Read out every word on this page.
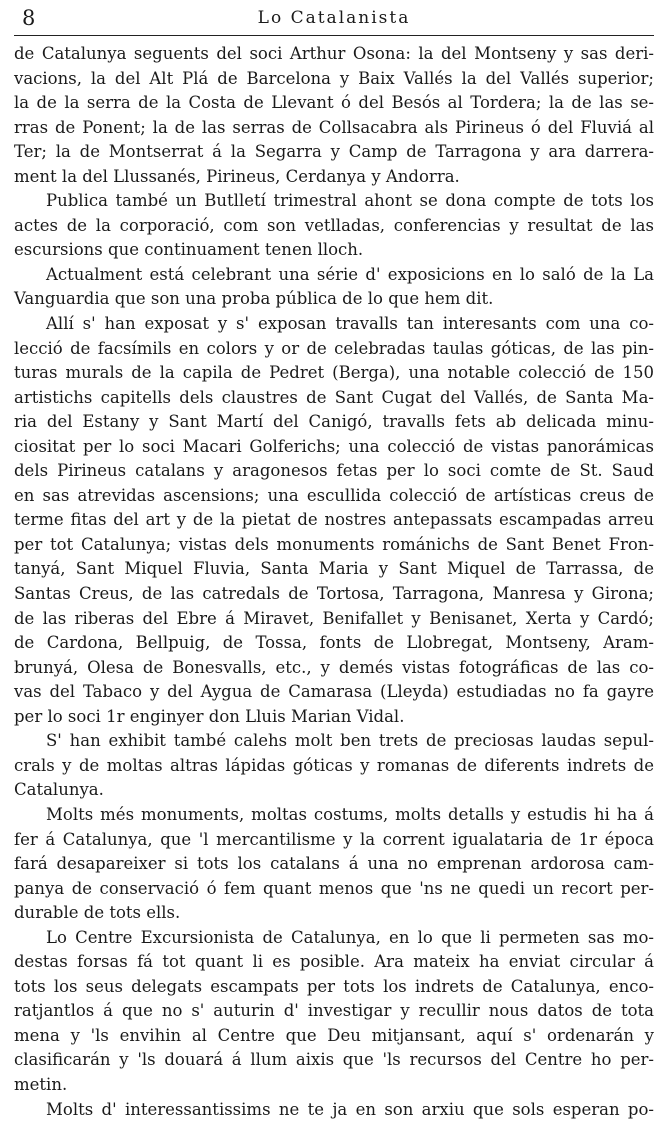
8	Lo Catalanista
de Catalunya seguents del soci Arthur Osona: la del Montseny y sas deri-
vacions, la del Alt Plá de Barcelona y Baix Vallés la del Vallés superior;
la de la serra de la Costa de Llevant ó del Besós al Tordera; la de las se-
rras de Ponent; la de las serras de Collsacabra als Pirineus ó del Fluviá al
Ter; la de Montserrat á la Segarra y Camp de Tarragona y ara darrera-
ment la del Llussanés, Pirineus, Cerdanya y Andorra.
Publica també un Butlletí trimestral ahont se dona compte de tots los
actes de la corporació, com son vetlladas, conferencias y resultat de las
escursions que continuament tenen lloch.
Actualment está celebrant una série d' exposicions en lo saló de la La
Vanguardia que son una proba pública de lo que hem dit.
Allí s' han exposat y s' exposan travalls tan interesants com una co-
lecció de facsímils en colors y or de celebradas taulas góticas, de las pin-
turas murals de la capila de Pedret (Berga), una notable colecció de 150
artistichs capitells dels claustres de Sant Cugat del Vallés, de Santa Ma-
ria del Estany y Sant Martí del Canigó, travalls fets ab delicada minu-
ciositat per lo soci Macari Golferichs; una colecció de vistas panorámicas
dels Pirineus catalans y aragonesos fetas per lo soci comte de St. Saud
en sas atrevidas ascensions; una escullida colecció de artísticas creus de
terme fitas del art y de la pietat de nostres antepassats escampadas arreu
per tot Catalunya; vistas dels monuments románichs de Sant Benet Fron-
tanyá, Sant Miquel Fluvia, Santa Maria y Sant Miquel de Tarrassa, de
Santas Creus, de las catredals de Tortosa, Tarragona, Manresa y Girona;
de las riberas del Ebre á Miravet, Benifallet y Benisanet, Xerta y Cardó;
de Cardona, Bellpuig, de Tossa, fonts de Llobregat, Montseny, Aram-
brunyá, Olesa de Bonesvalls, etc., y demés vistas fotográficas de las co-
vas del Tabaco y del Aygua de Camarasa (Lleyda) estudiadas no fa gayre
per lo soci 1r enginyer don Lluis Marian Vidal.
S' han exhibit també calehs molt ben trets de preciosas laudas sepul-
crals y de moltas altras lápidas góticas y romanas de diferents indrets de
Catalunya.
Molts més monuments, moltas costums, molts detalls y estudis hi ha á
fer á Catalunya, que 'l mercantilisme y la corrent igualataria de 1r época
fará desapareixer si tots los catalans á una no emprenan ardorosa cam-
panya de conservació ó fem quant menos que 'ns ne quedi un recort per-
durable de tots ells.
Lo Centre Excursionista de Catalunya, en lo que li permeten sas mo-
destas forsas fá tot quant li es posible. Ara mateix ha enviat circular á
tots los seus delegats escampats per tots los indrets de Catalunya, enco-
ratjantlos á que no s' auturin d' investigar y recullir nous datos de tota
mena y 'ls envihin al Centre que Deu mitjansant, aquí s' ordenarán y
clasificarán y 'ls douará á llum aixis que 'ls recursos del Centre ho per-
metin.
Molts d' interessantissims ne te ja en son arxiu que sols esperan po-
